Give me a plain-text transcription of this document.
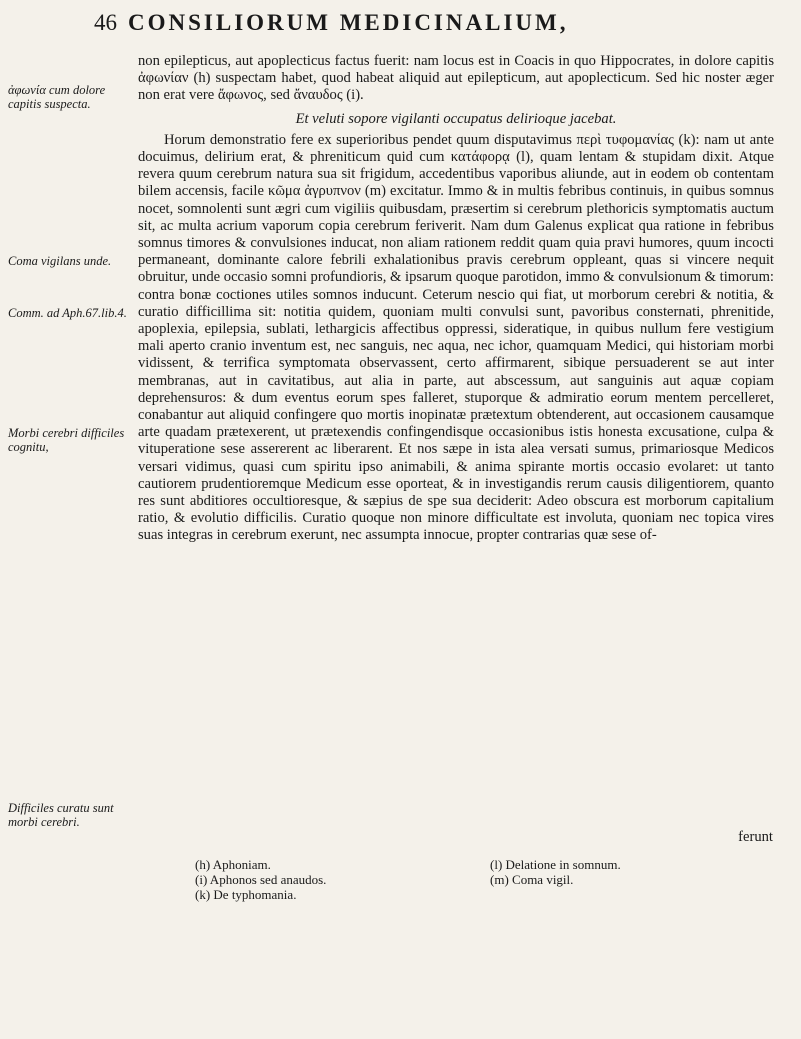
46 CONSILIORUM MEDICINALIUM,
ἀφωνία cum dolore capitis suspecta.
Coma vigilans unde.
Comm. ad Aph.67.lib.4.
Morbi cerebri difficiles cognitu,
Difficiles curatu sunt morbi cerebri.

non epilepticus, aut apoplecticus factus fuerit: nam locus est in Coacis in quo Hippocrates, in dolore capitis ἀφωνίαν (h) suspectam habet, quod habeat aliquid aut epilepticum, aut apoplecticum. Sed hic noster æger non erat vere ἄφωνος, sed ἄναυδος (i).

Et veluti sopore vigilanti occupatus delirioque jacebat.

Horum demonstratio fere ex superioribus pendet quum disputavimus περὶ τυφομανίας (k): nam ut ante docuimus, delirium erat, & phreniticum quid cum κατάφορᾳ (l), quam lentam & stupidam dixit. Atque revera quum cerebrum natura sua sit frigidum, accedentibus vaporibus aliunde, aut in eodem ob contentam bilem accensis, facile κῶμα ἀγρυπνον (m) excitatur. Immo & in multis febribus continuis, in quibus somnus nocet, somnolenti sunt ægri cum vigiliis quibusdam, præsertim si cerebrum plethoricis symptomatis auctum sit, ac multa acrium vaporum copia cerebrum feriverit. Nam dum Galenus explicat qua ratione in febribus somnus timores & convulsiones inducat, non aliam rationem reddit quam quia pravi humores, quum incocti permaneant, dominante calore febrili exhalationibus pravis cerebrum oppleant, quas si vincere nequit obruitur, unde occasio somni profundioris, & ipsarum quoque parotidon, immo & convulsionum & timorum: contra bonæ coctiones utiles somnos inducunt. Ceterum nescio qui fiat, ut morborum cerebri & notitia, & curatio difficillima sit: notitia quidem, quoniam multi convulsi sunt, pavoribus consternati, phrenitide, apoplexia, epilepsia, sublati, lethargicis affectibus oppressi, sideratique, in quibus nullum fere vestigium mali aperto cranio inventum est, nec sanguis, nec aqua, nec ichor, quamquam Medici, qui historiam morbi vidissent, & terrifica symptomata observassent, certo affirmarent, sibique persuaderent se aut inter membranas, aut in cavitatibus, aut alia in parte, aut abscessum, aut sanguinis aut aquæ copiam deprehensuros: & dum eventus eorum spes falleret, stuporque & admiratio eorum mentem percelleret, conabantur aut aliquid confingere quo mortis inopinatæ prætextum obtenderent, aut occasionem causamque arte quadam prætexerent, ut prætexendis confingendisque occasionibus istis honesta excusatione, culpa & vituperatione sese assererent ac liberarent. Et nos sæpe in ista alea versati sumus, primariosque Medicos versari vidimus, quasi cum spiritu ipso animabili, & anima spirante mortis occasio evolaret: ut tanto cautiorem prudentioremque Medicum esse oporteat, & in investigandis rerum causis diligentiorem, quanto res sunt abditiores occultioresque, & sæpius de spe sua deciderit: Adeo obscura est morborum capitalium ratio, & evolutio difficilis. Curatio quoque non minore difficultate est involuta, quoniam nec topica vires suas integras in cerebrum exerunt, nec assumpta innocue, propter contrarias quæ sese of-

ferunt
(h) Aphoniam.
(i) Aphonos sed anaudos.
(k) De typhomania.
(l) Delatione in somnum.
(m) Coma vigil.
